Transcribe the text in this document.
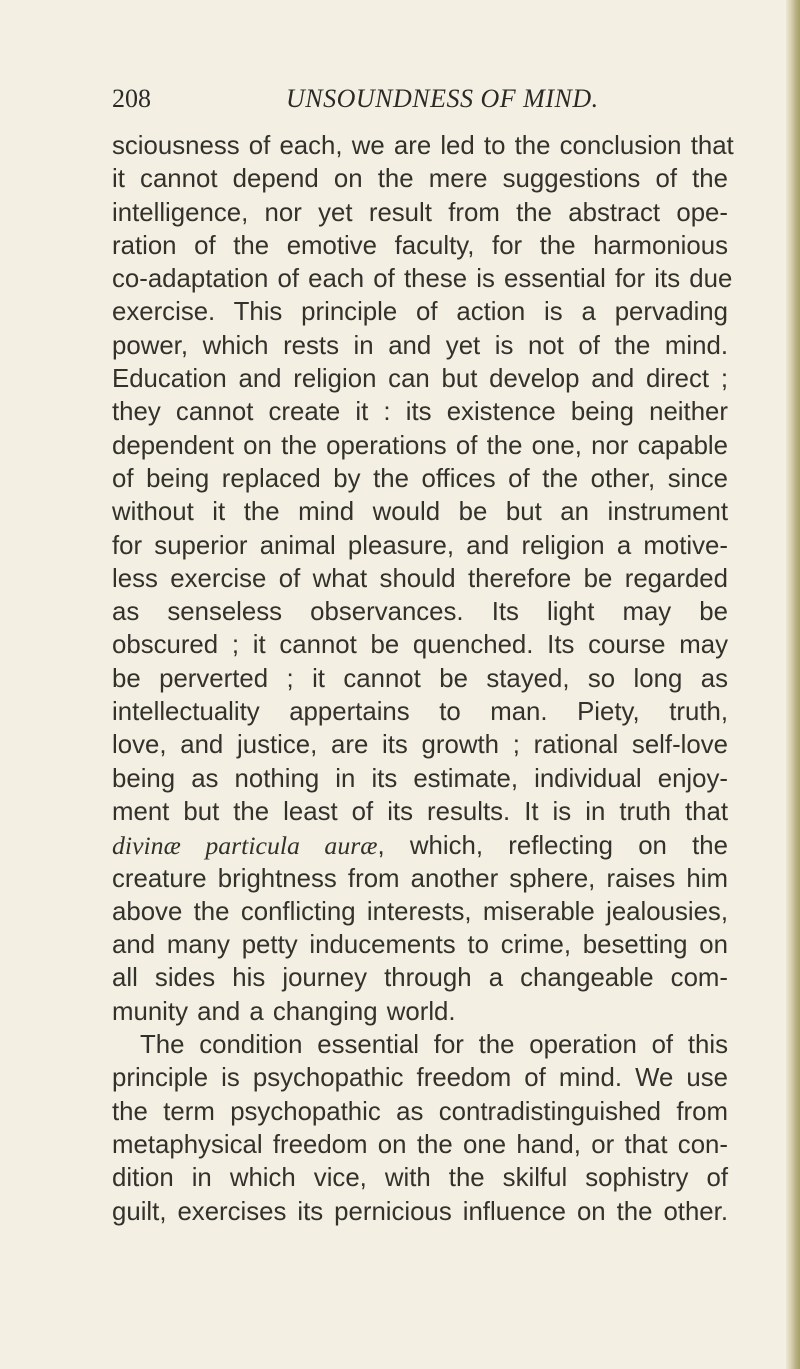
208	UNSOUNDNESS OF MIND.
sciousness of each, we are led to the conclusion that
it cannot depend on the mere suggestions of the
intelligence, nor yet result from the abstract ope-
ration of the emotive faculty, for the harmonious
co-adaptation of each of these is essential for its due
exercise. This principle of action is a pervading
power, which rests in and yet is not of the mind.
Education and religion can but develop and direct ;
they cannot create it : its existence being neither
dependent on the operations of the one, nor capable
of being replaced by the offices of the other, since
without it the mind would be but an instrument
for superior animal pleasure, and religion a motive-
less exercise of what should therefore be regarded
as senseless observances. Its light may be
obscured ; it cannot be quenched. Its course may
be perverted ; it cannot be stayed, so long as
intellectuality appertains to man. Piety, truth,
love, and justice, are its growth ; rational self-love
being as nothing in its estimate, individual enjoy-
ment but the least of its results. It is in truth that
divinæ particula auræ, which, reflecting on the
creature brightness from another sphere, raises him
above the conflicting interests, miserable jealousies,
and many petty inducements to crime, besetting on
all sides his journey through a changeable com-
munity and a changing world.
The condition essential for the operation of this
principle is psychopathic freedom of mind. We use
the term psychopathic as contradistinguished from
metaphysical freedom on the one hand, or that con-
dition in which vice, with the skilful sophistry of
guilt, exercises its pernicious influence on the other.
